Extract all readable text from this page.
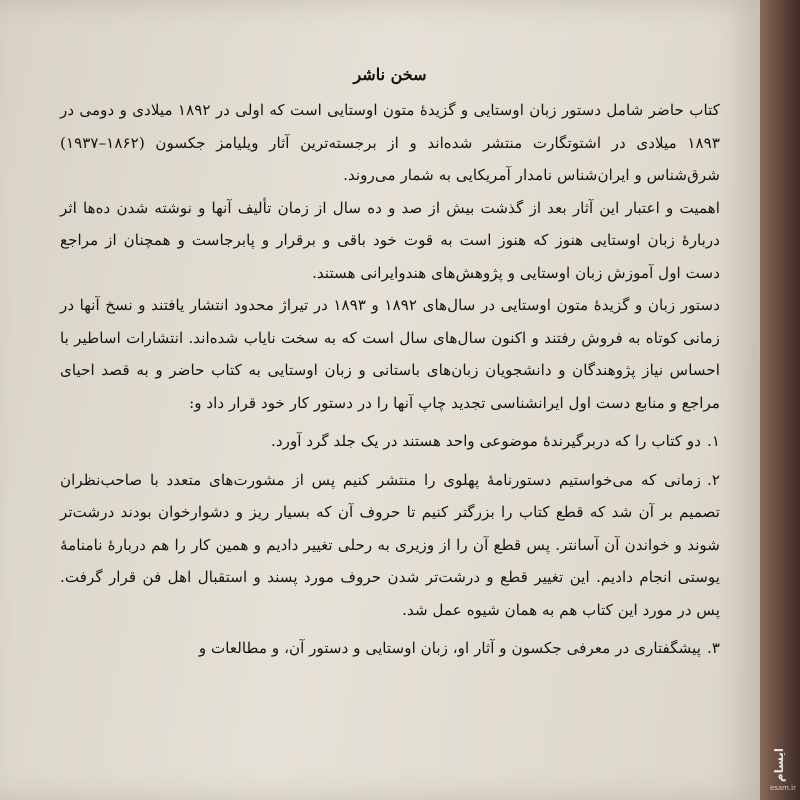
سخن ناشر

کتاب حاضر شامل دستور زبان اوستایی و گزیدهٔ متون اوستایی است که اولی در ۱۸۹۲ میلادی و دومی در ۱۸۹۳ میلادی در اشتوتگارت منتشر شده‌اند و از برجسته‌ترین آثار ویلیامز جکسون (۱۸۶۲–۱۹۳۷) شرق‌شناس و ایران‌شناس نامدار آمریکایی به شمار می‌روند.

اهمیت و اعتبار این آثار بعد از گذشت بیش از صد و ده سال از زمان تألیف آنها و نوشته شدن ده‌ها اثر دربارهٔ زبان اوستایی هنوز که هنوز است به قوت خود باقی و برقرار و پابرجاست و همچنان از مراجع دست اول آموزش زبان اوستایی و پژوهش‌های هندوایرانی هستند.

دستور زبان و گزیدهٔ متون اوستایی در سال‌های ۱۸۹۲ و ۱۸۹۳ در تیراژ محدود انتشار یافتند و نسخ آنها در زمانی کوتاه به فروش رفتند و اکنون سال‌های سال است که به سخت نایاب شده‌اند. انتشارات اساطیر با احساس نیاز پژوهندگان و دانشجویان زبان‌های باستانی و زبان اوستایی به کتاب حاضر و به قصد احیای مراجع و منابع دست اول ایرانشناسی تجدید چاپ آنها را در دستور کار خود قرار داد و:

۱.دو کتاب را که دربرگیرندهٔ موضوعی واحد هستند در یک جلد گرد آورد.

۲.زمانی که می‌خواستیم دستورنامهٔ پهلوی را منتشر کنیم پس از مشورت‌های متعدد با صاحب‌نظران تصمیم بر آن شد که قطع کتاب را بزرگتر کنیم تا حروف آن که بسیار ریز و دشوارخوان بودند درشت‌تر شوند و خواندن آن آسانتر. پس قطع آن را از وزیری به رحلی تغییر دادیم و همین کار را هم دربارهٔ نامنامهٔ یوستی انجام دادیم. این تغییر قطع و درشت‌تر شدن حروف مورد پسند و استقبال اهل فن قرار گرفت. پس در مورد این کتاب هم به همان شیوه عمل شد.

۳.پیشگفتاری در معرفی جکسون و آثار او، زبان اوستایی و دستور آن، و مطالعات و

ایسام
esam.ir
